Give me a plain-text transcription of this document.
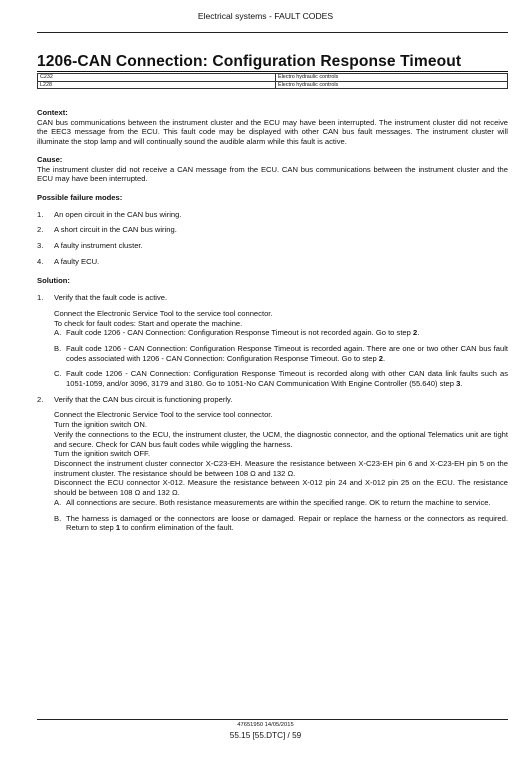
Electrical systems - FAULT CODES
1206-CAN Connection: Configuration Response Timeout
C232	Electro hydraulic controls
L228	Electro hydraulic controls

Context:

CAN bus communications between the instrument cluster and the ECU may have been interrupted. The instrument cluster did not receive the EEC3 message from the ECU. This fault code may be displayed with other CAN bus fault messages. The instrument cluster will illuminate the stop lamp and will continually sound the audible alarm while this fault is active.

Cause:

The instrument cluster did not receive a CAN message from the ECU. CAN bus communications between the instrument cluster and the ECU may have been interrupted.

Possible failure modes:

1. An open circuit in the CAN bus wiring.
2. A short circuit in the CAN bus wiring.
3. A faulty instrument cluster.
4. A faulty ECU.

Solution:

1. Verify that the fault code is active.

Connect the Electronic Service Tool to the service tool connector.

To check for fault codes: Start and operate the machine.

A. Fault code 1206 - CAN Connection: Configuration Response Timeout is not recorded again. Go to step 2.
B. Fault code 1206 - CAN Connection: Configuration Response Timeout is recorded again. There are one or two other CAN bus fault codes associated with 1206 - CAN Connection: Configuration Response Timeout. Go to step 2.
C. Fault code 1206 - CAN Connection: Configuration Response Timeout is recorded along with other CAN data link faults such as 1051-1059, and/or 3096, 3179 and 3180. Go to 1051-No CAN Communication With Engine Controller (55.640) step 3.
2. Verify that the CAN bus circuit is functioning properly.

Connect the Electronic Service Tool to the service tool connector.

Turn the ignition switch ON.

Verify the connections to the ECU, the instrument cluster, the UCM, the diagnostic connector, and the optional Telematics unit are tight and secure. Check for CAN bus fault codes while wiggling the harness.

Turn the ignition switch OFF.

Disconnect the instrument cluster connector X-C23-EH. Measure the resistance between X-C23-EH pin 6 and X-C23-EH pin 5 on the instrument cluster. The resistance should be between 108 Ω and 132 Ω.

Disconnect the ECU connector X-012. Measure the resistance between X-012 pin 24 and X-012 pin 25 on the ECU. The resistance should be between 108 Ω and 132 Ω.

A. All connections are secure. Both resistance measurements are within the specified range. OK to return the machine to service.
B. The harness is damaged or the connectors are loose or damaged. Repair or replace the harness or the connectors as required. Return to step 1 to confirm elimination of the fault.
47651950 14/05/2015
55.15 [55.DTC] / 59
